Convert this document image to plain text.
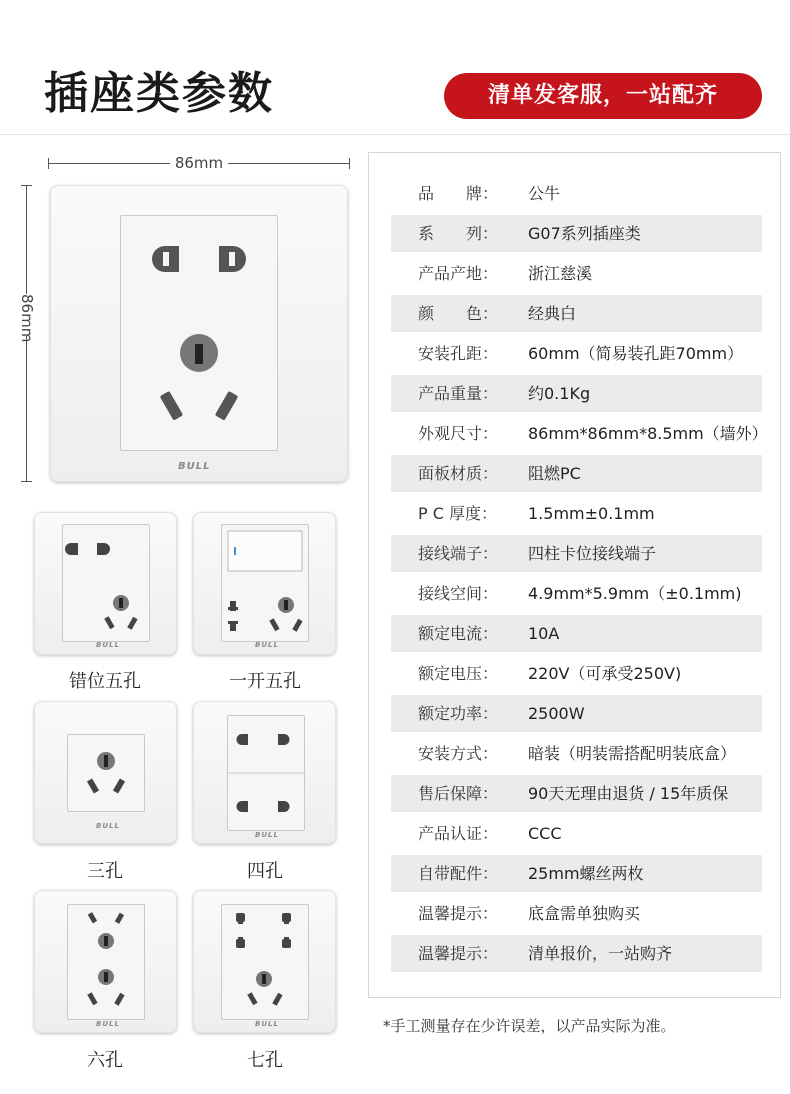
插座类参数	清单发客服，一站配齐
86mm
86mm
BULL
BULL
错位五孔
BULL
一开五孔
BULL
三孔
BULL
四孔
BULL
六孔
BULL
七孔
品　　牌： 公牛
系　　列： G07系列插座类
产品产地： 浙江慈溪
颜　　色： 经典白
安装孔距： 60mm（简易装孔距70mm）
产品重量： 约0.1Kg
外观尺寸： 86mm*86mm*8.5mm（墙外）
面板材质： 阻燃PC
P C 厚度： 1.5mm±0.1mm
接线端子： 四柱卡位接线端子
接线空间： 4.9mm*5.9mm（±0.1mm)
额定电流： 10A
额定电压： 220V（可承受250V)
额定功率： 2500W
安装方式： 暗装（明装需搭配明装底盒）
售后保障： 90天无理由退货 / 15年质保
产品认证： CCC
自带配件： 25mm螺丝两枚
温馨提示： 底盒需单独购买
温馨提示： 清单报价，一站购齐
*手工测量存在少许误差，以产品实际为准。
